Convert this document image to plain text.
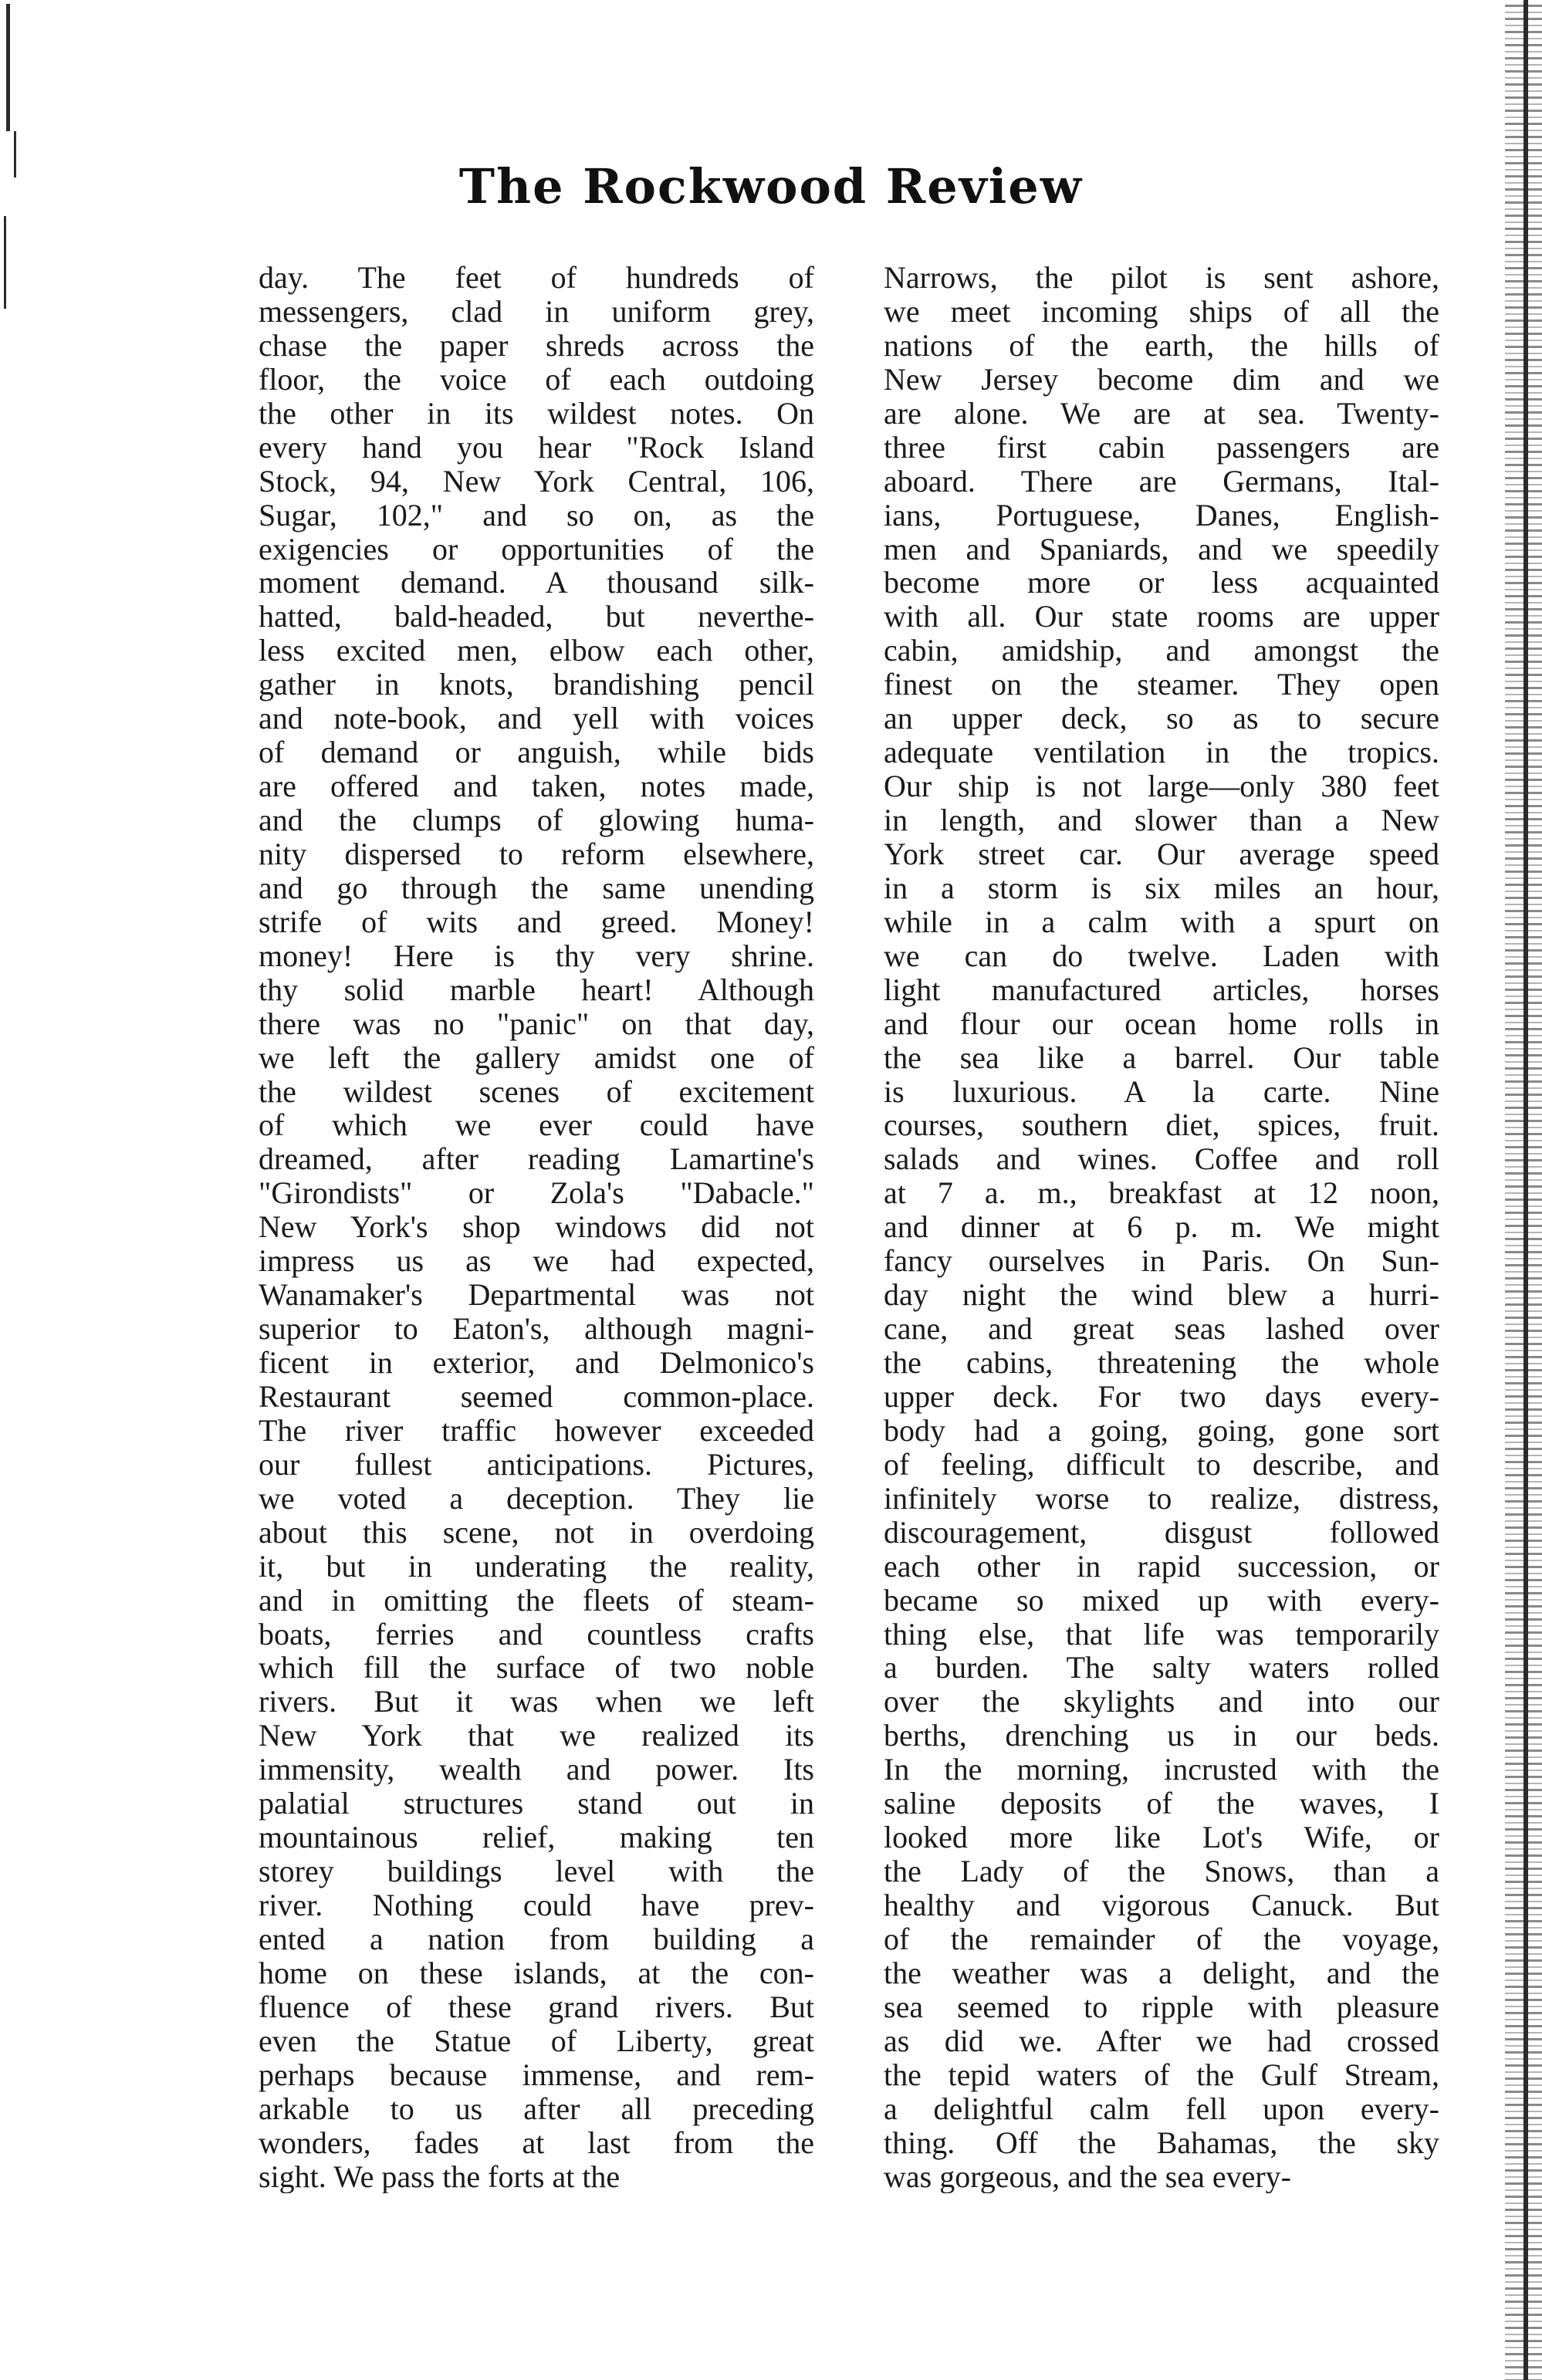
The Rockwood Review
day. The feet of hundreds of
messengers, clad in uniform grey,
chase the paper shreds across the
floor, the voice of each outdoing
the other in its wildest notes. On
every hand you hear "Rock Island
Stock, 94, New York Central, 106,
Sugar, 102," and so on, as the
exigencies or opportunities of the
moment demand. A thousand silk-
hatted, bald-headed, but neverthe-
less excited men, elbow each other,
gather in knots, brandishing pencil
and note-book, and yell with voices
of demand or anguish, while bids
are offered and taken, notes made,
and the clumps of glowing huma-
nity dispersed to reform elsewhere,
and go through the same unending
strife of wits and greed. Money!
money! Here is thy very shrine.
thy solid marble heart! Although
there was no "panic" on that day,
we left the gallery amidst one of
the wildest scenes of excitement
of which we ever could have
dreamed, after reading Lamartine's
"Girondists" or Zola's "Dabacle."
New York's shop windows did not
impress us as we had expected,
Wanamaker's Departmental was not
superior to Eaton's, although magni-
ficent in exterior, and Delmonico's
Restaurant seemed common-place.
The river traffic however exceeded
our fullest anticipations. Pictures,
we voted a deception. They lie
about this scene, not in overdoing
it, but in underating the reality,
and in omitting the fleets of steam-
boats, ferries and countless crafts
which fill the surface of two noble
rivers. But it was when we left
New York that we realized its
immensity, wealth and power. Its
palatial structures stand out in
mountainous relief, making ten
storey buildings level with the
river. Nothing could have prev-
ented a nation from building a
home on these islands, at the con-
fluence of these grand rivers. But
even the Statue of Liberty, great
perhaps because immense, and rem-
arkable to us after all preceding
wonders, fades at last from the
sight. We pass the forts at the
Narrows, the pilot is sent ashore,
we meet incoming ships of all the
nations of the earth, the hills of
New Jersey become dim and we
are alone. We are at sea. Twenty-
three first cabin passengers are
aboard. There are Germans, Ital-
ians, Portuguese, Danes, English-
men and Spaniards, and we speedily
become more or less acquainted
with all. Our state rooms are upper
cabin, amidship, and amongst the
finest on the steamer. They open
an upper deck, so as to secure
adequate ventilation in the tropics.
Our ship is not large—only 380 feet
in length, and slower than a New
York street car. Our average speed
in a storm is six miles an hour,
while in a calm with a spurt on
we can do twelve. Laden with
light manufactured articles, horses
and flour our ocean home rolls in
the sea like a barrel. Our table
is luxurious. A la carte. Nine
courses, southern diet, spices, fruit.
salads and wines. Coffee and roll
at 7 a. m., breakfast at 12 noon,
and dinner at 6 p. m. We might
fancy ourselves in Paris. On Sun-
day night the wind blew a hurri-
cane, and great seas lashed over
the cabins, threatening the whole
upper deck. For two days every-
body had a going, going, gone sort
of feeling, difficult to describe, and
infinitely worse to realize, distress,
discouragement, disgust followed
each other in rapid succession, or
became so mixed up with every-
thing else, that life was temporarily
a burden. The salty waters rolled
over the skylights and into our
berths, drenching us in our beds.
In the morning, incrusted with the
saline deposits of the waves, I
looked more like Lot's Wife, or
the Lady of the Snows, than a
healthy and vigorous Canuck. But
of the remainder of the voyage,
the weather was a delight, and the
sea seemed to ripple with pleasure
as did we. After we had crossed
the tepid waters of the Gulf Stream,
a delightful calm fell upon every-
thing. Off the Bahamas, the sky
was gorgeous, and the sea every-
